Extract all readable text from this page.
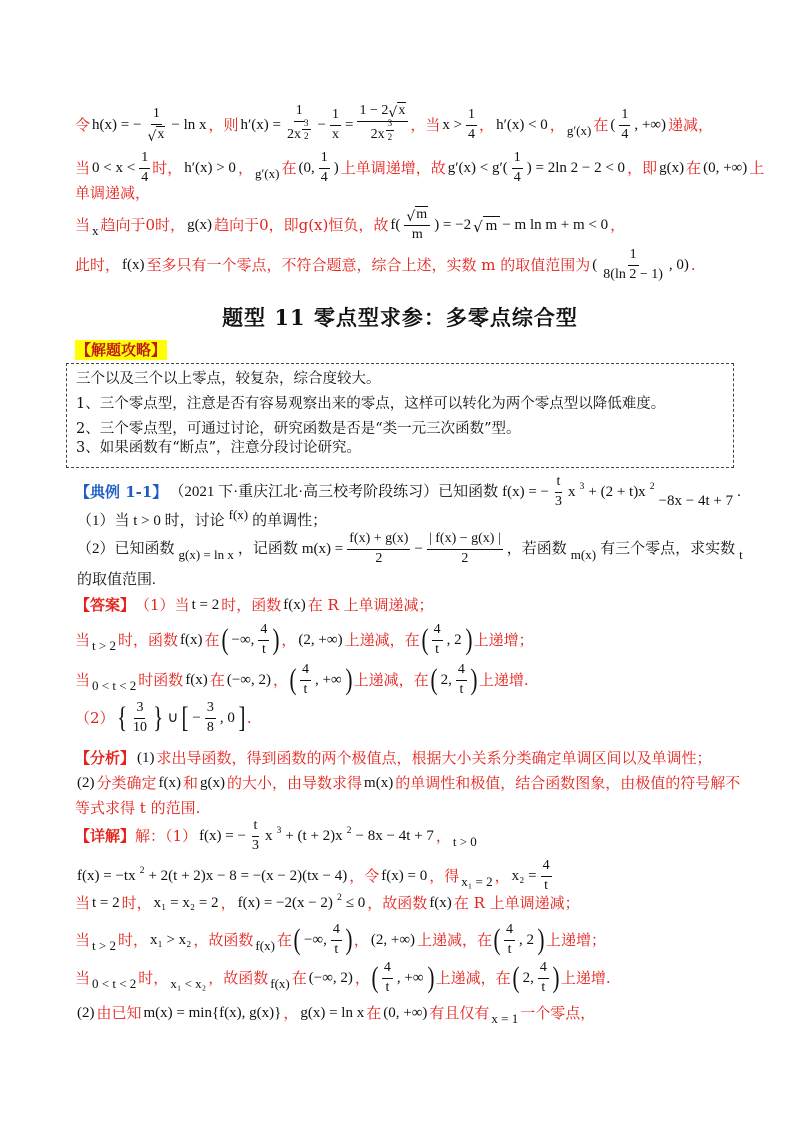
令 h(x) = − 1
√ x − ln x ，则 $h'(x) = \frac{1}{2x \frac{3}{2}} - \frac{1}{x} = 1 - 2$
√ x
$2x \frac{3}{2}$ ，当 $x > \frac{1}{4}$ ， h′(x) < 0 ， g′(x) 在 ( $\frac{1}{4}$ , +∞) 递减，
当 $0 < x < \frac{1}{4}$ 时， h′(x) > 0 ， g′(x) 在 (0, $\frac{1}{4}$ ) 上单调递增，故 $g'(x) < g'( \frac{1}{4}$ ) = 2ln 2 − 2 < 0 ，即 g(x) 在 (0, +∞) 上
单调递减，
当 x 趋向于0时， g(x) 趋向于0，即g(x)恒负，故 f(
√ $\frac{m}{m}$ ) = −2
√ m − m ln m + m < 0 ，
此时， f(x) 至多只有一个零点，不符合题意，综合上述，实数 m 的取值范围为 ( $\frac{1}{8(\ln 2 - 1)}$ , 0) .
题型 11 零点型求参：多零点综合型
【解题攻略】
三个以及三个以上零点，较复杂，综合度较大。
1、三个零点型，注意是否有容易观察出来的零点，这样可以转化为两个零点型以降低难度。
2、三个零点型，可通过讨论，研究函数是否是“类一元三次函数”型。
3、如果函数有“断点”，注意分段讨论研究。
【典例 1-1】 （2021 下·重庆江北·高三校考阶段练习）已知函数 f(x) = − $\frac{t}{3}$ x 3 + (2 + t)x 2
−8x − 4t + 7
.
（1）当 t > 0 时，讨论 f(x) 的单调性；
（2）已知函数 g(x) = ln x ，记函数 $m(x) = \frac{f(x) + g(x)}{2} - \frac{| f(x) - g(x) |}{2}$ ，若函数 m(x) 有三个零点，求实数 t
的取值范围.
【答案】 （1）当 t = 2 时，函数 f(x) 在 R 上单调递减；
当 t > 2 时，函数 f(x) 在 ( −∞, $\frac{4}{t}$ ) ， (2, +∞) 上递减，在 ( $\frac{4}{t}$ , 2 ) 上递增；
当 0 < t < 2 时函数 f(x) 在 (−∞, 2) ， ( $\frac{4}{t}$ , +∞ ) 上递减，在 ( 2, $\frac{4}{t}$ ) 上递增.
（2） { $\frac{3}{10}$ } ∪ [ − $\frac{3}{8}$ , 0 ] .
【分析】 (1) 求出导函数，得到函数的两个极值点，根据大小关系分类确定单调区间以及单调性；
(2) 分类确定 f(x) 和 g(x) 的大小，由导数求得 m(x) 的单调性和极值，结合函数图象，由极值的符号解不
等式求得 t 的范围.
【详解】 解：（1） f(x) = − $\frac{t}{3}$ x 3 + (t + 2)x 2 − 8x − 4t + 7 ， t > 0
f(x) = −tx 2 + 2(t + 2)x − 8 = −(x − 2)(tx − 4) ，令 f(x) = 0 ，得 x₁ = 2 ， $x_2 = \frac{4}{t}$
当 t = 2 时， x₁ = x₂ = 2 ， f(x) = −2(x − 2) 2 ≤ 0 ，故函数 f(x) 在 R 上单调递减；
当 t > 2 时， x₁ > x₂ ，故函数 f(x) 在 ( −∞, $\frac{4}{t}$ ) ， (2, +∞) 上递减，在 ( $\frac{4}{t}$ , 2 ) 上递增；
当 0 < t < 2 时， x₁ < x₂ ，故函数 f(x) 在 (−∞, 2) ， ( $\frac{4}{t}$ , +∞ ) 上递减，在 ( 2, $\frac{4}{t}$ ) 上递增.
(2) 由已知 m(x) = min{f(x), g(x)} ， g(x) = ln x 在 (0, +∞) 有且仅有 x = 1 一个零点，
